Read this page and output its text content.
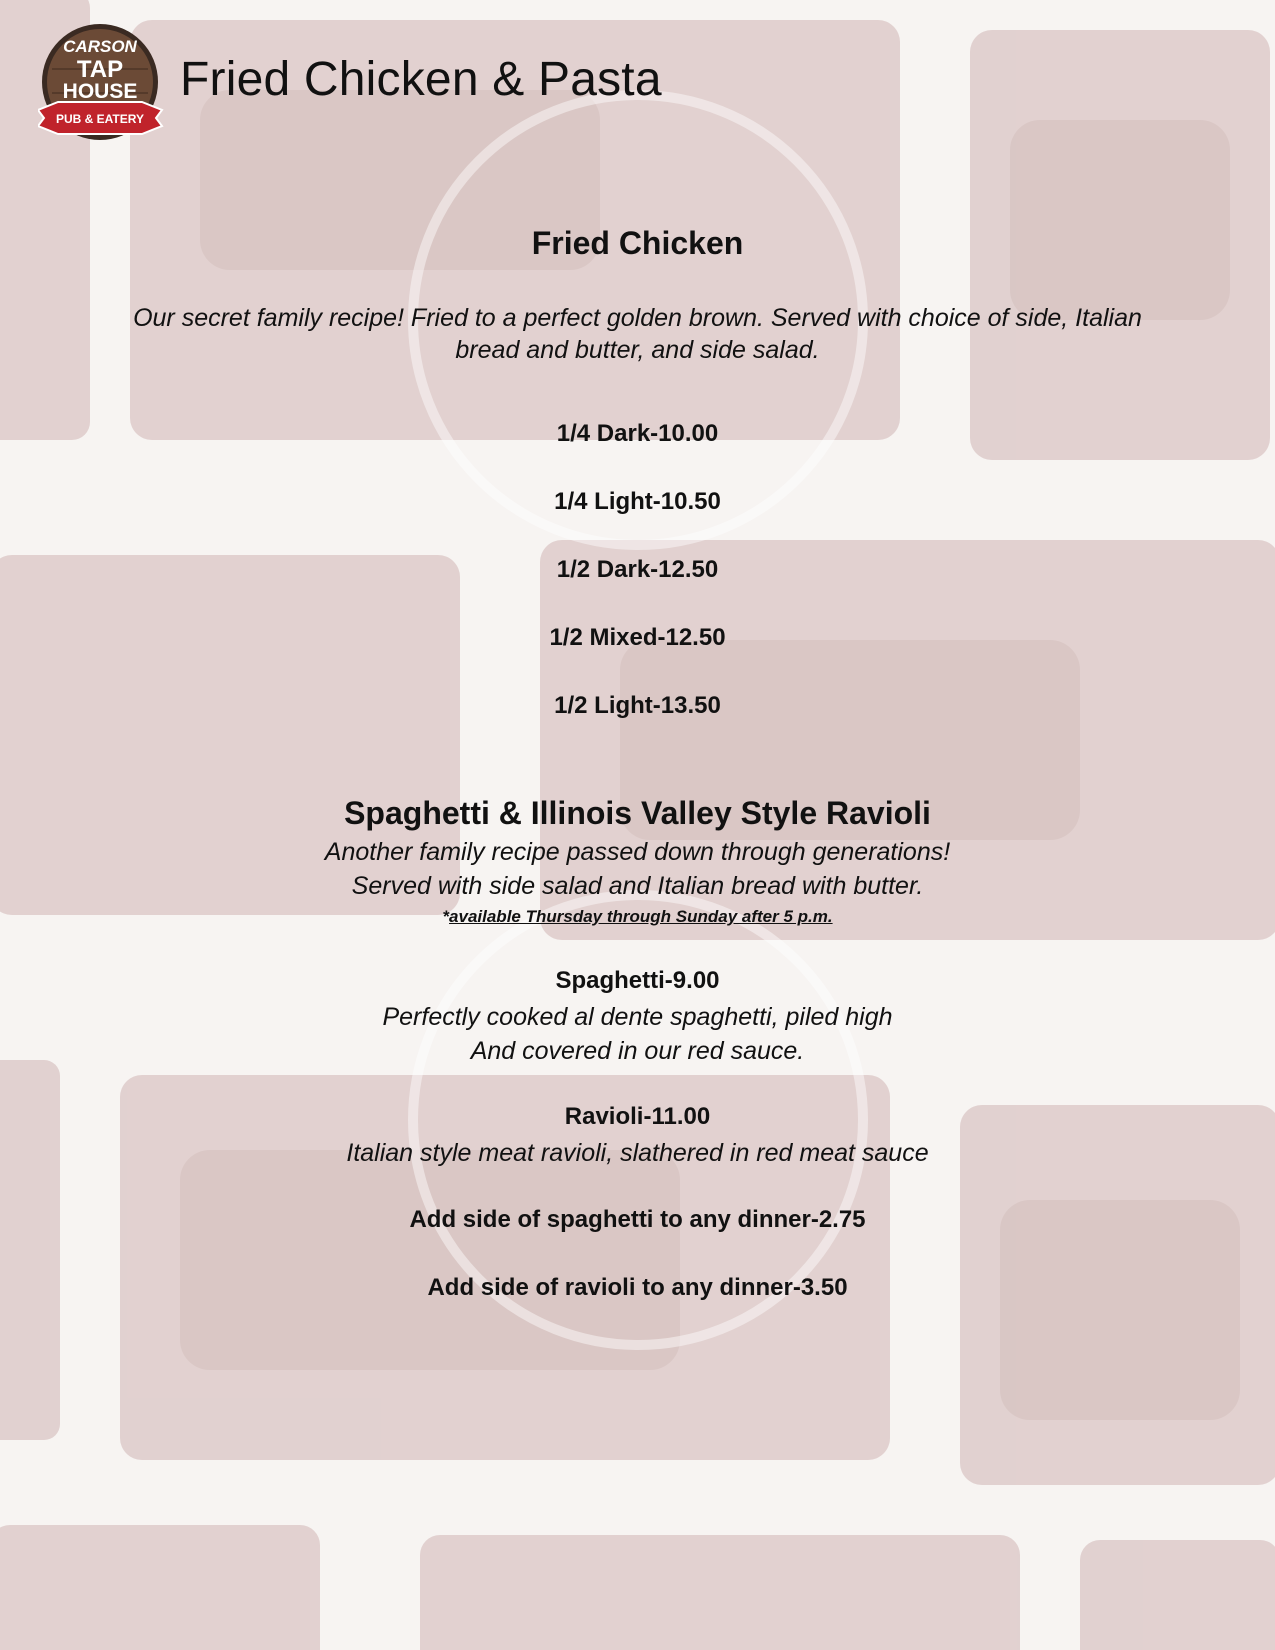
CARSON
TAP
HOUSE
PUB & EATERY
Fried Chicken & Pasta
Fried Chicken
Our secret family recipe! Fried to a perfect golden brown. Served with choice of side, Italian
bread and butter, and side salad.
1/4 Dark-10.00
1/4 Light-10.50
1/2 Dark-12.50
1/2 Mixed-12.50
1/2 Light-13.50
Spaghetti & Illinois Valley Style Ravioli
Another family recipe passed down through generations!
Served with side salad and Italian bread with butter.
*available Thursday through Sunday after 5 p.m.
Spaghetti-9.00
Perfectly cooked al dente spaghetti, piled high
And covered in our red sauce.
Ravioli-11.00
Italian style meat ravioli, slathered in red meat sauce
Add side of spaghetti to any dinner-2.75
Add side of ravioli to any dinner-3.50
